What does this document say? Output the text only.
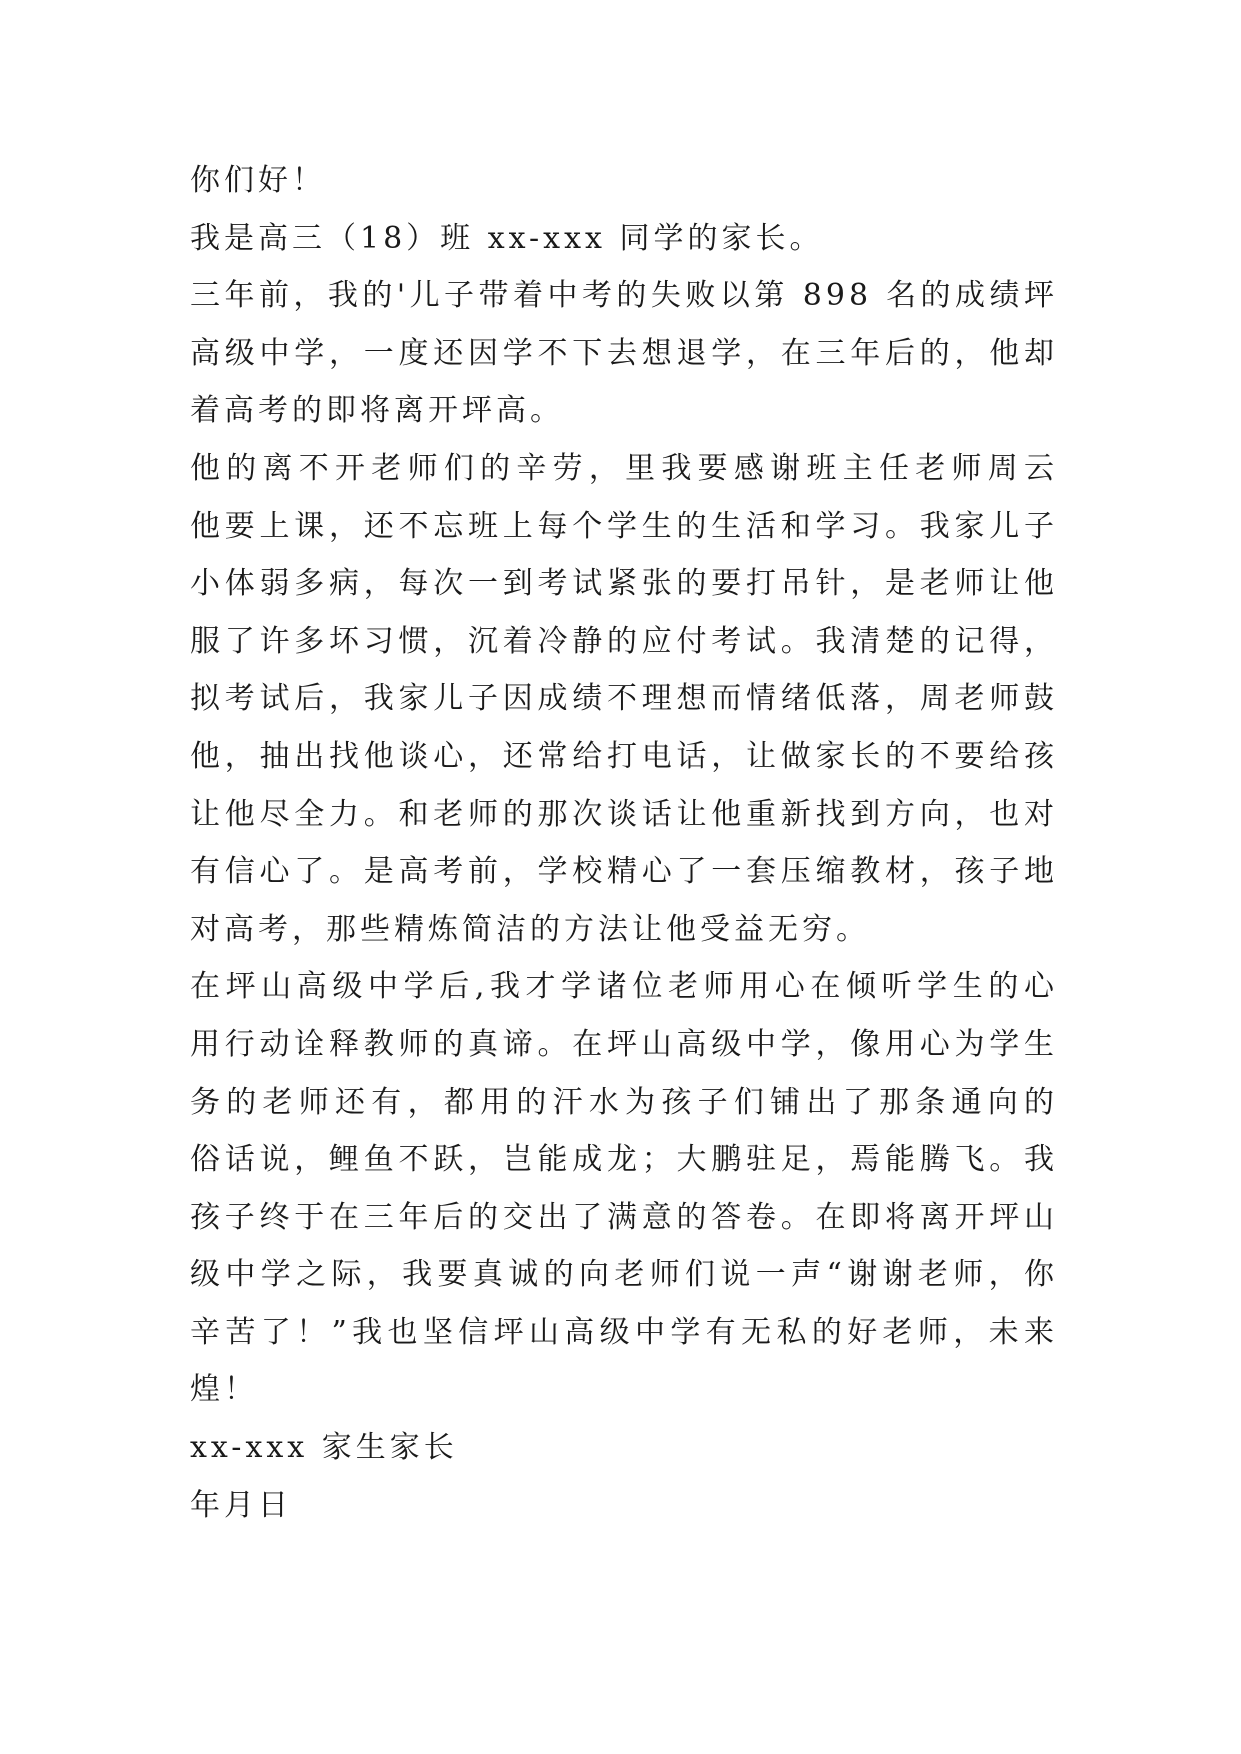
你们好！
我是高三（18）班 xx-xxx 同学的家长。
三年前，我的'儿子带着中考的失败以第 898 名的成绩坪
高级中学，一度还因学不下去想退学，在三年后的，他却
着高考的即将离开坪高。
他的离不开老师们的辛劳，里我要感谢班主任老师周云
他要上课，还不忘班上每个学生的生活和学习。我家儿子
小体弱多病，每次一到考试紧张的要打吊针，是老师让他
服了许多坏习惯，沉着冷静的应付考试。我清楚的记得，
拟考试后，我家儿子因成绩不理想而情绪低落，周老师鼓
他，抽出找他谈心，还常给打电话，让做家长的不要给孩
让他尽全力。和老师的那次谈话让他重新找到方向，也对
有信心了。是高考前，学校精心了一套压缩教材，孩子地
对高考，那些精炼简洁的方法让他受益无穷。
在坪山高级中学后,我才学诸位老师用心在倾听学生的心
用行动诠释教师的真谛。在坪山高级中学，像用心为学生
务的老师还有，都用的汗水为孩子们铺出了那条通向的
俗话说，鲤鱼不跃，岂能成龙；大鹏驻足，焉能腾飞。我
孩子终于在三年后的交出了满意的答卷。在即将离开坪山
级中学之际，我要真诚的向老师们说一声“谢谢老师，你
辛苦了！”我也坚信坪山高级中学有无私的好老师，未来
煌！
xx-xxx 家生家长
年月日
